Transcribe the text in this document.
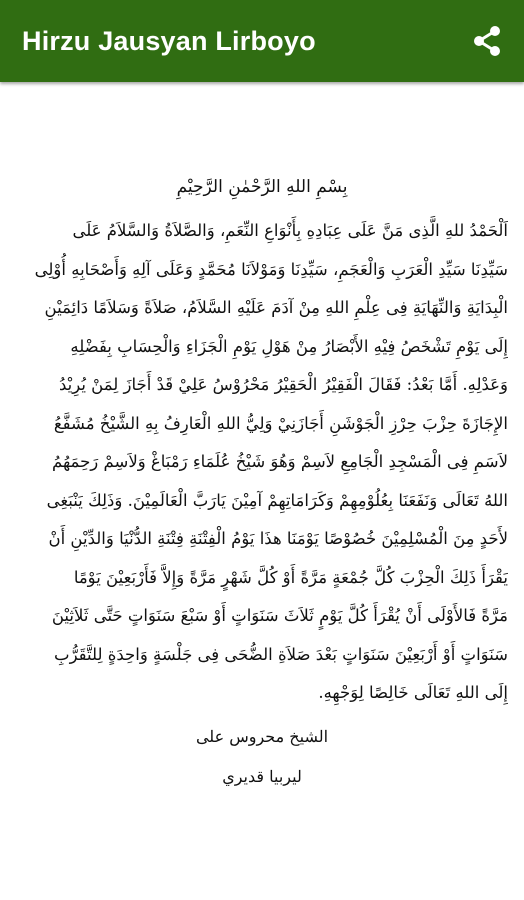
Hirzu Jausyan Lirboyo
بِسْمِ اللهِ الرَّحْمٰنِ الرَّحِيْمِ
اَلْحَمْدُ للهِ الَّذِى مَنَّ عَلَى عِبَادِهِ بِأَنْوَاعِ النِّعَمِ، وَالصَّلاَةُ وَالسَّلاَمُ عَلَى
سَيِّدِنَا سَيِّدِ الْعَرَبِ وَالْعَجَمِ، سَيِّدِنَا وَمَوْلاَنَا مُحَمَّدٍ وَعَلَى آلِهِ وَأَصْحَابِهِ أُوْلِى
الْبِدَايَةِ وَالنِّهَايَةِ فِى عِلْمِ اللهِ مِنْ آدَمَ عَلَيْهِ السَّلاَمُ، صَلاَةً وَسَلاَمًا دَائِمَيْنِ
إِلَى يَوْمِ تَشْخَصُ فِيْهِ الأَبْصَارُ مِنْ هَوْلِ يَوْمِ الْجَزَاءِ وَالْحِسَابِ بِفَضْلِهِ
وَعَدْلِهِ. أَمَّا بَعْدُ: فَقَالَ الْفَقِيْرُ الْحَقِيْرُ مَحْرُوْسُ عَلِيْ قَدْ أَجَازَ لِمَنْ يُرِيْدُ
الإِجَازَةَ حِزْبَ حِرْزِ الْجَوْشَنِ أَجَازَنِيْ وَلِيُّ اللهِ الْعَارِفُ بِهِ الشَّيْخُ مُشَفَّعُ
لاَسَمِ فِى الْمَسْجِدِ الْجَامِعِ لاَسِمْ وَهُوَ شَيْخُ عُلَمَاءِ رَمْبَاغْ وَلاَسِمْ رَحِمَهُمُ
اللهُ تَعَالَى وَنَفَعَنَا بِعُلُوْمِهِمْ وَكَرَامَاتِهِمْ آمِيْنَ يَارَبَّ الْعَالَمِيْنَ. وَذَلِكَ يَنْبَغِى
لأَحَدٍ مِنَ الْمُسْلِمِيْنَ خُصُوْصًا يَوْمَنَا هذَا يَوْمُ الْفِتْنَةِ فِتْنَةِ الدُّنْيَا وَالدِّيْنِ أَنْ
يَقْرَأَ ذَلِكَ الْحِزْبَ كُلَّ جُمْعَةٍ مَرَّةً أَوْ كُلَّ شَهْرٍ مَرَّةً وَإِلاَّ فَأَرْبَعِيْنَ يَوْمًا
مَرَّةً فَالأَوْلَى أَنْ يُقْرَأَ كُلَّ يَوْمٍ ثَلاَثَ سَنَوَاتٍ أَوْ سَبْعَ سَنَوَاتٍ حَتَّى ثَلاَثِيْنَ
سَنَوَاتٍ أَوْ أَرْبَعِيْنَ سَنَوَاتٍ بَعْدَ صَلاَةِ الضُّحَى فِى جَلْسَةٍ وَاحِدَةٍ لِلتَّقَرُّبِ
إِلَى اللهِ تَعَالَى خَالِصًا لِوَجْهِهِ.
الشيخ محروس على
ليربيا قديري
